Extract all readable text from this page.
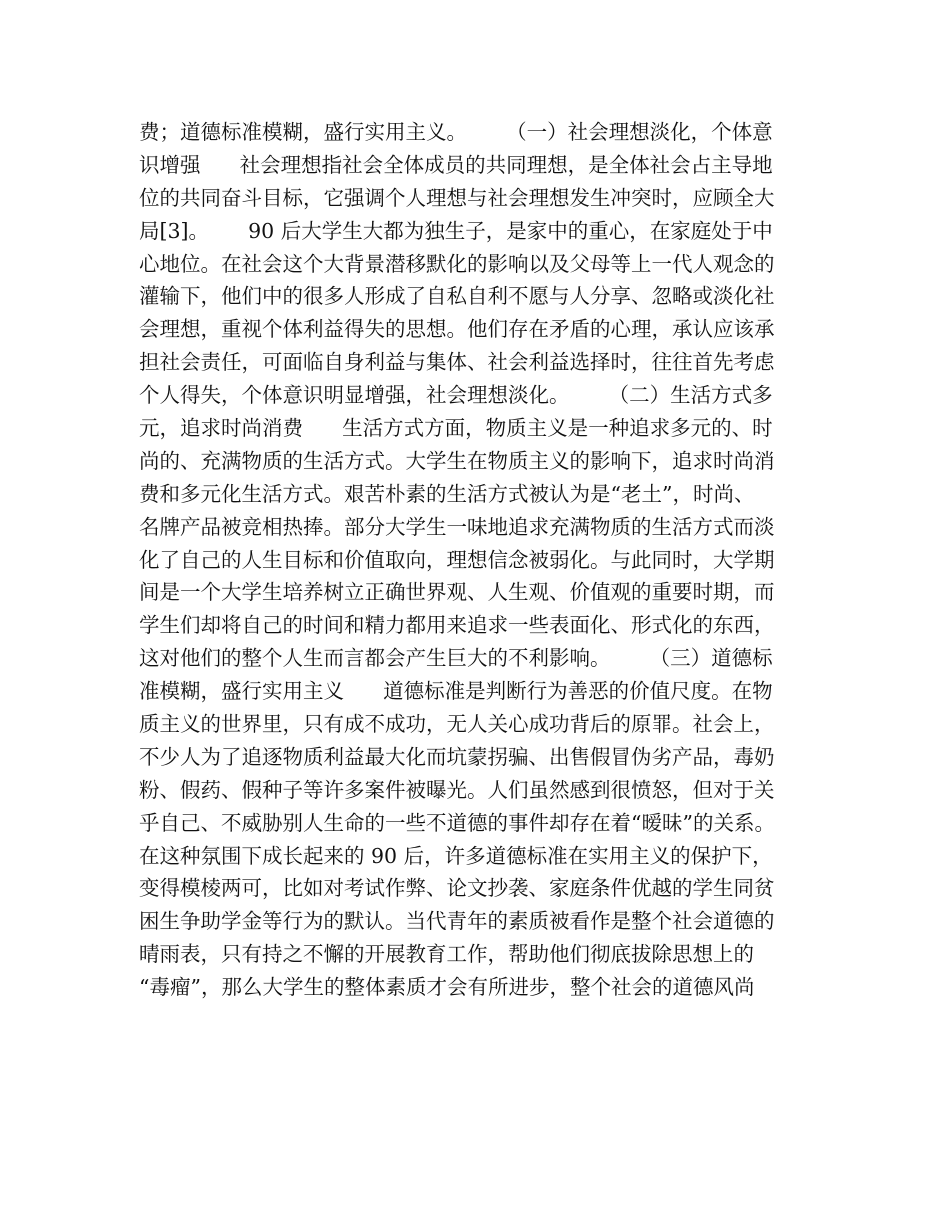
费；道德标准模糊，盛行实用主义。      （一）社会理想淡化，个体意
识增强      社会理想指社会全体成员的共同理想，是全体社会占主导地
位的共同奋斗目标，它强调个人理想与社会理想发生冲突时，应顾全大
局[3]。      90 后大学生大都为独生子，是家中的重心，在家庭处于中
心地位。在社会这个大背景潜移默化的影响以及父母等上一代人观念的
灌输下，他们中的很多人形成了自私自利不愿与人分享、忽略或淡化社
会理想，重视个体利益得失的思想。他们存在矛盾的心理，承认应该承
担社会责任，可面临自身利益与集体、社会利益选择时，往往首先考虑
个人得失，个体意识明显增强，社会理想淡化。      （二）生活方式多
元，追求时尚消费      生活方式方面，物质主义是一种追求多元的、时
尚的、充满物质的生活方式。大学生在物质主义的影响下，追求时尚消
费和多元化生活方式。艰苦朴素的生活方式被认为是“老土”，时尚、
名牌产品被竞相热捧。部分大学生一味地追求充满物质的生活方式而淡
化了自己的人生目标和价值取向，理想信念被弱化。与此同时，大学期
间是一个大学生培养树立正确世界观、人生观、价值观的重要时期，而
学生们却将自己的时间和精力都用来追求一些表面化、形式化的东西，
这对他们的整个人生而言都会产生巨大的不利影响。      （三）道德标
准模糊，盛行实用主义      道德标准是判断行为善恶的价值尺度。在物
质主义的世界里，只有成不成功，无人关心成功背后的原罪。社会上，
不少人为了追逐物质利益最大化而坑蒙拐骗、出售假冒伪劣产品，毒奶
粉、假药、假种子等许多案件被曝光。人们虽然感到很愤怒，但对于关
乎自己、不威胁别人生命的一些不道德的事件却存在着“暧昧”的关系。
在这种氛围下成长起来的 90 后，许多道德标准在实用主义的保护下，
变得模棱两可，比如对考试作弊、论文抄袭、家庭条件优越的学生同贫
困生争助学金等行为的默认。当代青年的素质被看作是整个社会道德的
晴雨表，只有持之不懈的开展教育工作，帮助他们彻底拔除思想上的
“毒瘤”，那么大学生的整体素质才会有所进步，整个社会的道德风尚
